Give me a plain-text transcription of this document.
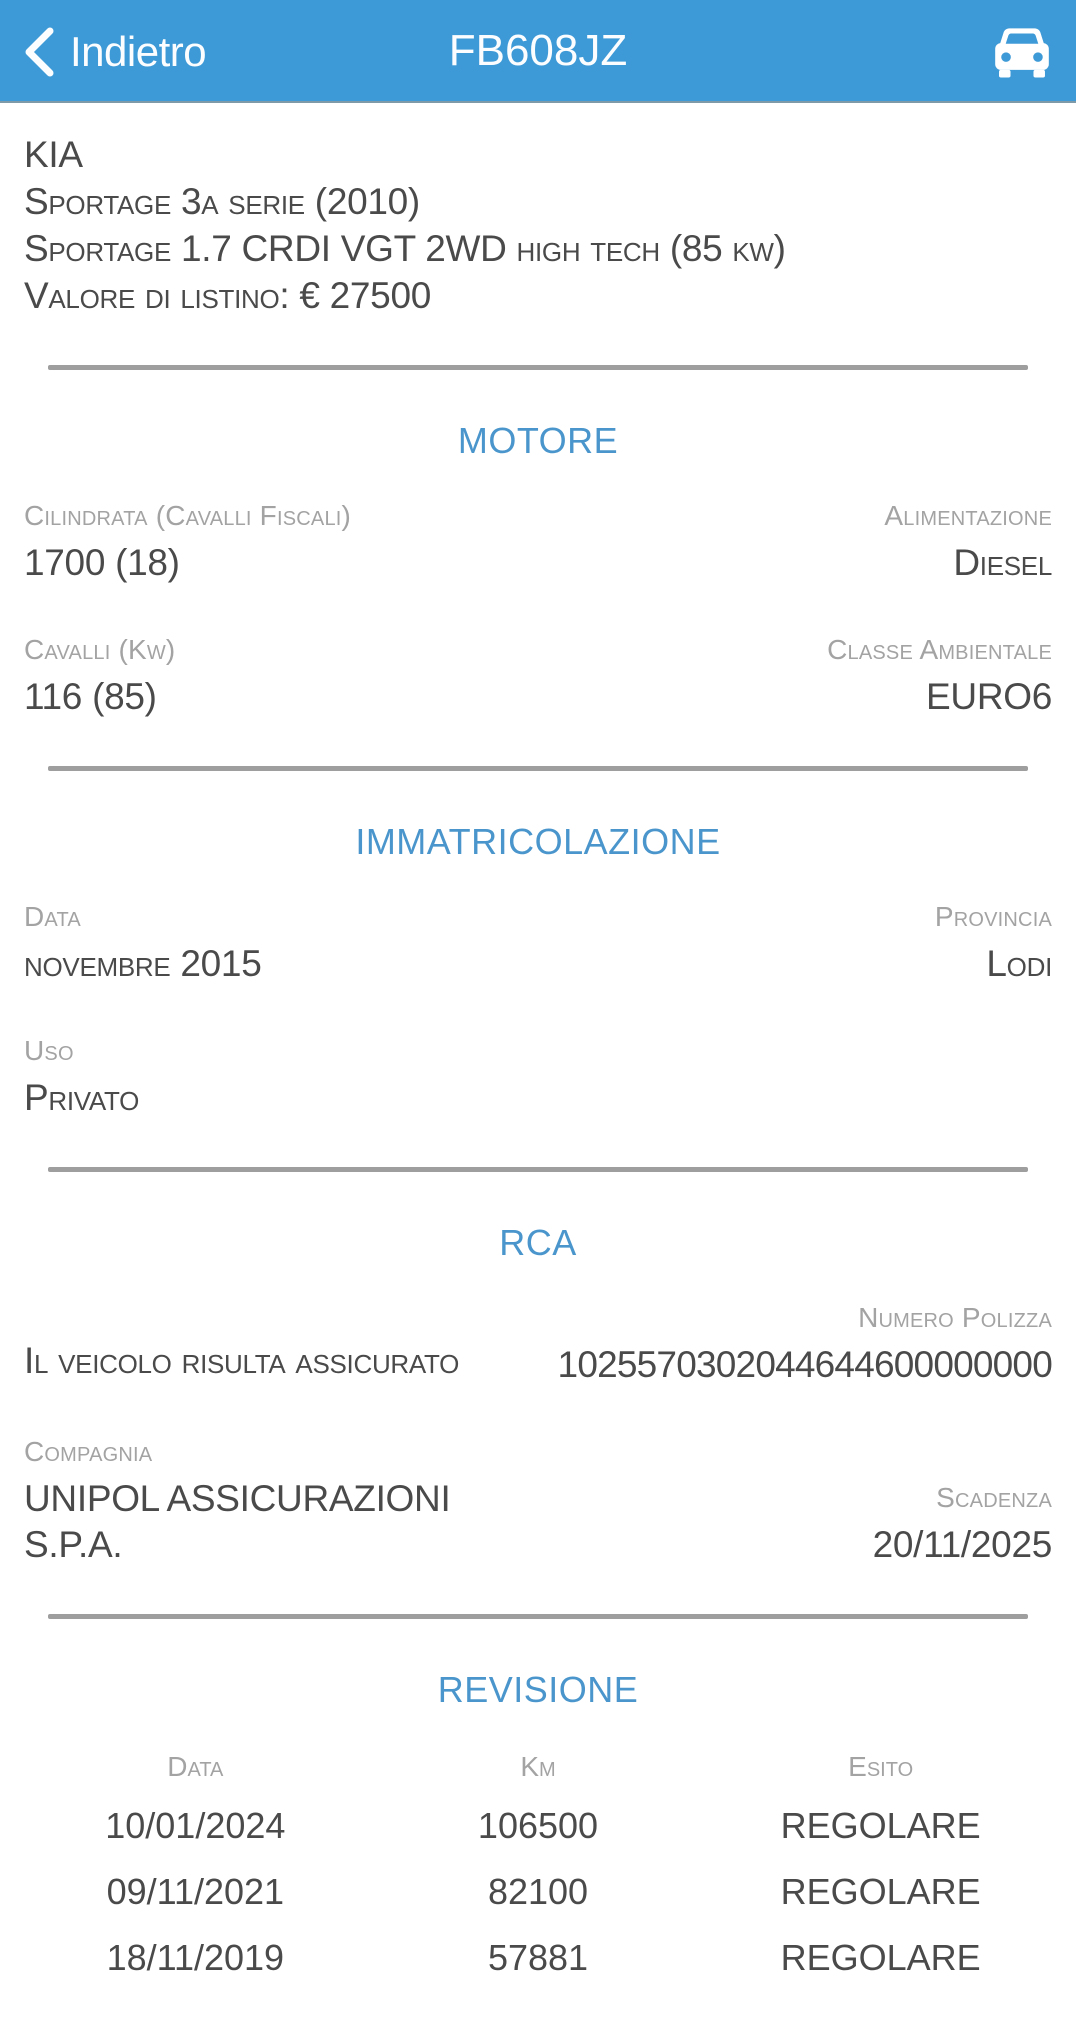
Indietro	FB608JZ
KIA
Sportage 3a serie (2010)
Sportage 1.7 CRDI VGT 2WD high tech (85 kw)
Valore di listino: € 27500
MOTORE
Cilindrata (Cavalli Fiscali)
1700 (18)
Alimentazione
Diesel
Cavalli (Kw)
116 (85)
Classe Ambientale
EURO6
IMMATRICOLAZIONE
Data
novembre 2015
Provincia
Lodi
Uso
Privato
RCA
Il veicolo risulta assicurato
Numero Polizza
1025570302044644600000000
Compagnia
UNIPOL ASSICURAZIONI S.P.A.
Scadenza
20/11/2025
REVISIONE
Data	Km	Esito
10/01/2024	106500	REGOLARE
09/11/2021	82100	REGOLARE
18/11/2019	57881	REGOLARE
